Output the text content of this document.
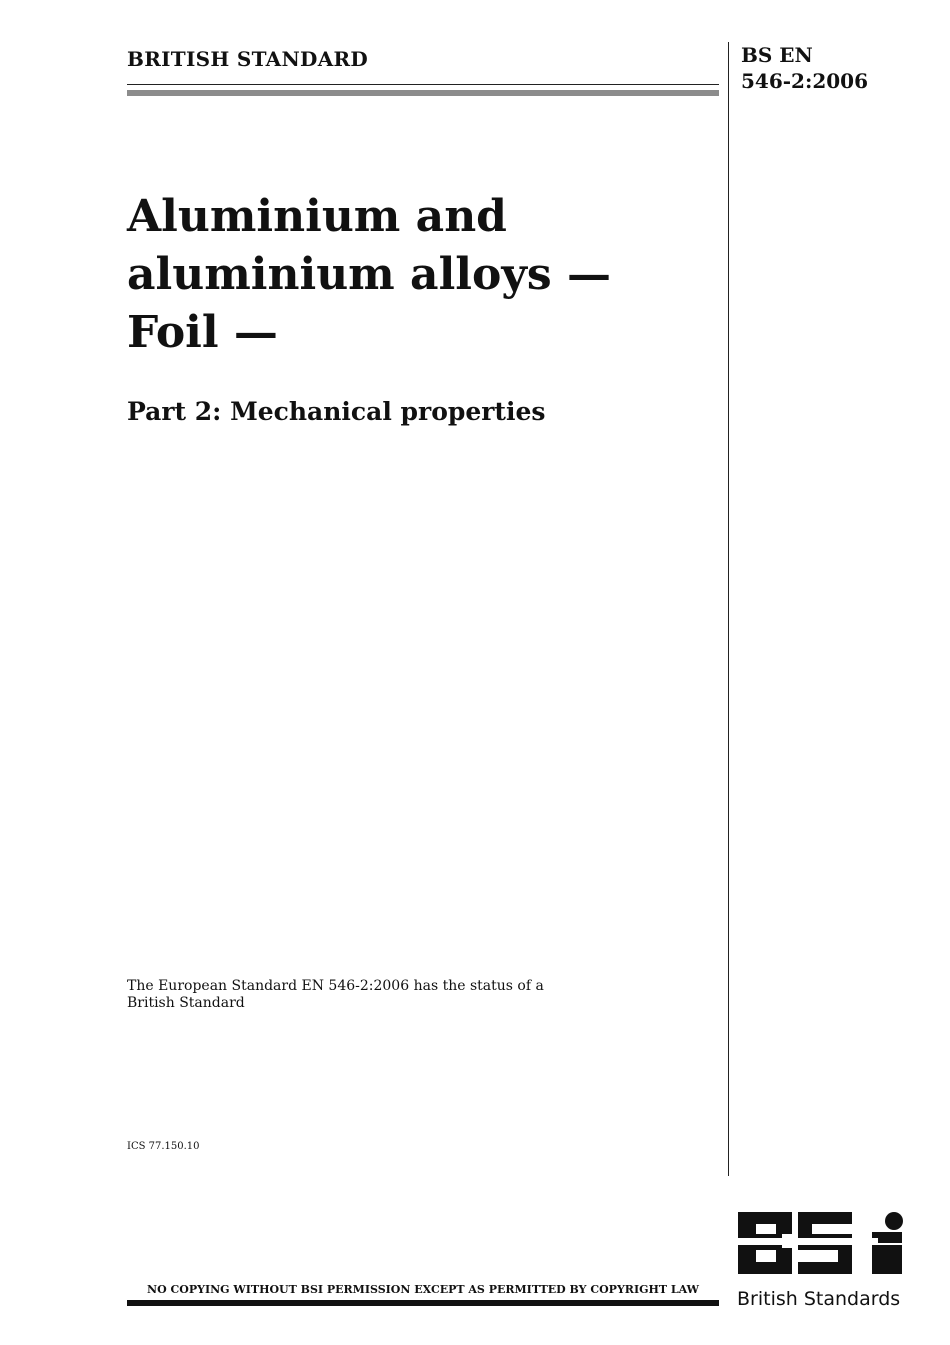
BRITISH STANDARD	BS EN
546-2:2006
Aluminium and
aluminium alloys —
Foil —
Part 2: Mechanical properties
The European Standard EN 546-2:2006 has the status of a
British Standard
ICS 77.150.10
NO COPYING WITHOUT BSI PERMISSION EXCEPT AS PERMITTED BY COPYRIGHT LAW	British Standards
